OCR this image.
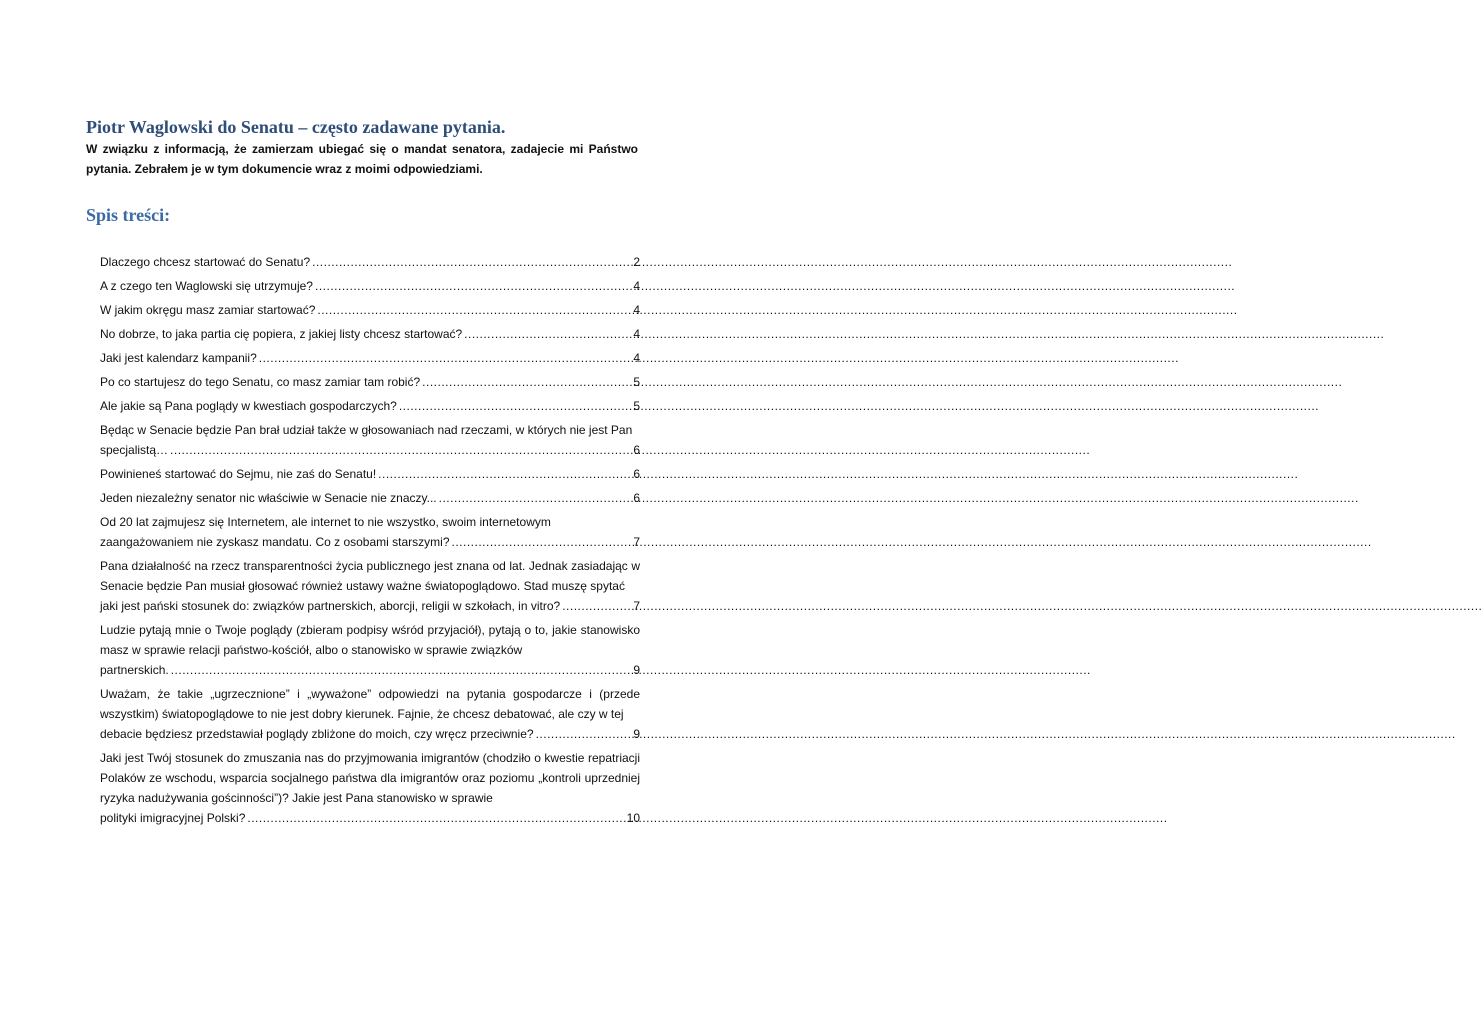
Piotr Waglowski do Senatu – często zadawane pytania.

W związku z informacją, że zamierzam ubiegać się o mandat senatora, zadajecie mi Państwo pytania. Zebrałem je w tym dokumencie wraz z moimi odpowiedziami.

Spis treści:
Dlaczego chcesz startować do Senatu? .....	2
A z czego ten Waglowski się utrzymuje? .....	4
W jakim okręgu masz zamiar startować? .....	4
No dobrze, to jaka partia cię popiera, z jakiej listy chcesz startować? .....	4
Jaki jest kalendarz kampanii? .....	4
Po co startujesz do tego Senatu, co masz zamiar tam robić? .....	5
Ale jakie są Pana poglądy w kwestiach gospodarczych? .....	5
Będąc w Senacie będzie Pan brał udział także w głosowaniach nad rzeczami, w których nie jest Pan
specjalistą… .....	6
Powinieneś startować do Sejmu, nie zaś do Senatu! .....	6
Jeden niezależny senator nic właściwie w Senacie nie znaczy... .....	6
Od 20 lat zajmujesz się Internetem, ale internet to nie wszystko, swoim internetowym
zaangażowaniem nie zyskasz mandatu. Co z osobami starszymi? .....	7
Pana działalność na rzecz transparentności życia publicznego jest znana od lat. Jednak zasiadając w Senacie będzie Pan musiał głosować również ustawy ważne światopoglądowo. Stad muszę spytać
jaki jest pański stosunek do: związków partnerskich, aborcji, religii w szkołach, in vitro? .....	7
Ludzie pytają mnie o Twoje poglądy (zbieram podpisy wśród przyjaciół), pytają o to, jakie stanowisko masz w sprawie relacji państwo-kościół, albo o stanowisko w sprawie związków
partnerskich. .....	9
Uważam, że takie „ugrzecznione” i „wyważone” odpowiedzi na pytania gospodarcze i (przede wszystkim) światopoglądowe to nie jest dobry kierunek. Fajnie, że chcesz debatować, ale czy w tej
debacie będziesz przedstawiał poglądy zbliżone do moich, czy wręcz przeciwnie? .....	9
Jaki jest Twój stosunek do zmuszania nas do przyjmowania imigrantów (chodziło o kwestie repatriacji Polaków ze wschodu, wsparcia socjalnego państwa dla imigrantów oraz poziomu „kontroli uprzedniej ryzyka nadużywania gościnności”)? Jakie jest Pana stanowisko w sprawie
polityki imigracyjnej Polski? .....	10
